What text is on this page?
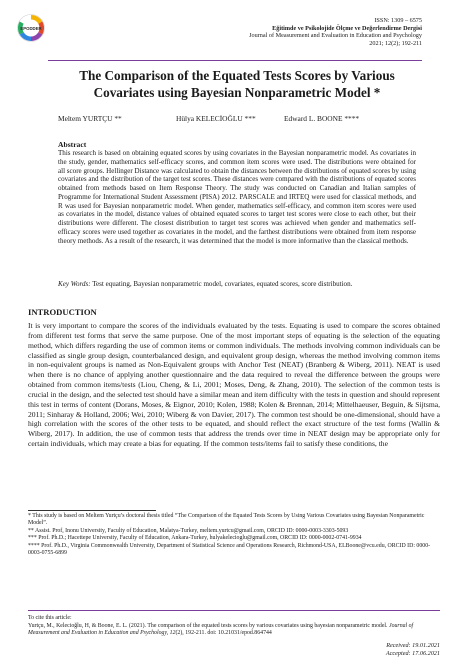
EPODDER
ISSN: 1309 – 6575
Eğitimde ve Psikolojide Ölçme ve Değerlendirme Dergisi
Journal of Measurement and Evaluation in Education and Psychology
2021; 12(2); 192-211
The Comparison of the Equated Tests Scores by Various Covariates using Bayesian Nonparametric Model *
Meltem YURTÇU **	Hülya KELECİOĞLU ***	Edward L. BOONE ****
Abstract
This research is based on obtaining equated scores by using covariates in the Bayesian nonparametric model. As covariates in the study, gender, mathematics self-efficacy scores, and common item scores were used. The distributions were obtained for all score groups. Hellinger Distance was calculated to obtain the distances between the distributions of equated scores by using covariates and the distribution of the target test scores. These distances were compared with the distributions of equated scores obtained from methods based on Item Response Theory. The study was conducted on Canadian and Italian samples of Programme for International Student Assessment (PISA) 2012. PARSCALE and IRTEQ were used for classical methods, and R was used for Bayesian nonparametric model. When gender, mathematics self-efficacy, and common item scores were used as covariates in the model, distance values of obtained equated scores to target test scores were close to each other, but their distributions were different. The closest distribution to target test scores was achieved when gender and mathematics self-efficacy scores were used together as covariates in the model, and the farthest distributions were obtained from item response theory methods. As a result of the research, it was determined that the model is more informative than the classical methods.
Key Words: Test equating, Bayesian nonparametric model, covariates, equated scores, score distribution.
INTRODUCTION
It is very important to compare the scores of the individuals evaluated by the tests. Equating is used to compare the scores obtained from different test forms that serve the same purpose. One of the most important steps of equating is the selection of the equating method, which differs regarding the use of common items or common individuals. The methods involving common individuals can be classified as single group design, counterbalanced design, and equivalent group design, whereas the method involving common items in non-equivalent groups is named as Non-Equivalent groups with Anchor Test (NEAT) (Branberg & Wiberg, 2011). NEAT is used when there is no chance of applying another questionnaire and the data required to reveal the difference between the groups were obtained from common items/tests (Liou, Cheng, & Li, 2001; Moses, Deng, & Zhang, 2010). The selection of the common tests is crucial in the design, and the selected test should have a similar mean and item difficulty with the tests in question and should represent this test in terms of content (Dorans, Moses, & Eignor, 2010; Kolen, 1988; Kolen & Brennan, 2014; Mittelhaeuser, Beguin, & Sijtsma, 2011; Sinharay & Holland, 2006; Wei, 2010; Wiberg & von Davier, 2017). The common test should be one-dimensional, should have a high correlation with the scores of the other tests to be equated, and should reflect the exact structure of the test forms (Wallin & Wiberg, 2017). In addition, the use of common tests that address the trends over time in NEAT design may be appropriate only for certain individuals, which may create a bias for equating. If the common tests/items fail to satisfy these conditions, the

* This study is based on Meltem Yurtçu’s doctoral thesis titled “The Comparison of the Equated Tests Scores by Using Various Covariates using Bayesian Nonparametric Model”.

** Assist. Prof, Inonu University, Faculty of Education, Malatya-Turkey, meltem.yurtcu@gmail.com, ORCID ID: 0000-0003-3303-5093

*** Prof. Ph.D.; Hacettepe University, Faculty of Education, Ankara-Turkey, hulyakelecioglu@gmail.com, ORCID ID: 0000-0002-0741-9934

**** Prof. Ph.D., Virginia Commonwealth University, Department of Statistical Science and Operations Research, Richmond-USA, ELBoone@vcu.edu, ORCID ID: 0000-0003-0755-6899

To cite this article:
Yurtçu, M., Kelecioğlu, H, & Boone, E. L. (2021). The comparison of the equated tests scores by various covariates using bayesian nonparametric model. Journal of Measurement and Evaluation in Education and Psychology, 12(2), 192-211. doi: 10.21031/epod.864744
Received: 19.01.2021
Accepted: 17.06.2021
